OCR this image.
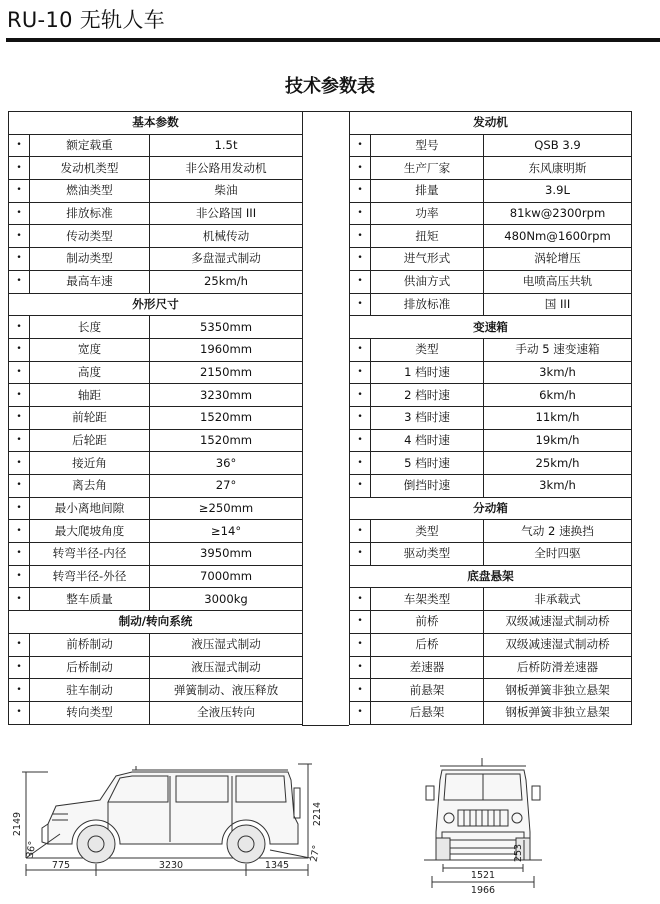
RU-10 无轨人车
技术参数表
基本参数		
•	额定载重	1.5t
•	发动机类型	非公路用发动机
•	燃油类型	柴油
•	排放标准	非公路国 III
•	传动类型	机械传动
•	制动类型	多盘湿式制动
•	最高车速	25km/h
外形尺寸		
•	长度	5350mm
•	宽度	1960mm
•	高度	2150mm
•	轴距	3230mm
•	前轮距	1520mm
•	后轮距	1520mm
•	接近角	36°
•	离去角	27°
•	最小离地间隙	≥250mm
•	最大爬坡角度	≥14°
•	转弯半径-内径	3950mm
•	转弯半径-外径	7000mm
•	整车质量	3000kg
制动/转向系统		
•	前桥制动	液压湿式制动
•	后桥制动	液压湿式制动
•	驻车制动	弹簧制动、液压释放
•	转向类型	全液压转向
发动机		
•	型号	QSB 3.9
•	生产厂家	东风康明斯
•	排量	3.9L
•	功率	81kw@2300rpm
•	扭矩	480Nm@1600rpm
•	进气形式	涡轮增压
•	供油方式	电喷高压共轨
•	排放标准	国 III
变速箱		
•	类型	手动 5 速变速箱
•	1 档时速	3km/h
•	2 档时速	6km/h
•	3 档时速	11km/h
•	4 档时速	19km/h
•	5 档时速	25km/h
•	倒挡时速	3km/h
分动箱		
•	类型	气动 2 速换挡
•	驱动类型	全时四驱
底盘悬架		
•	车架类型	非承载式
•	前桥	双级减速湿式制动桥
•	后桥	双级减速湿式制动桥
•	差速器	后桥防滑差速器
•	前悬架	钢板弹簧非独立悬架
•	后悬架	钢板弹簧非独立悬架
2149	2214
36°	27°
775	3230	1345
253
1521
1966
